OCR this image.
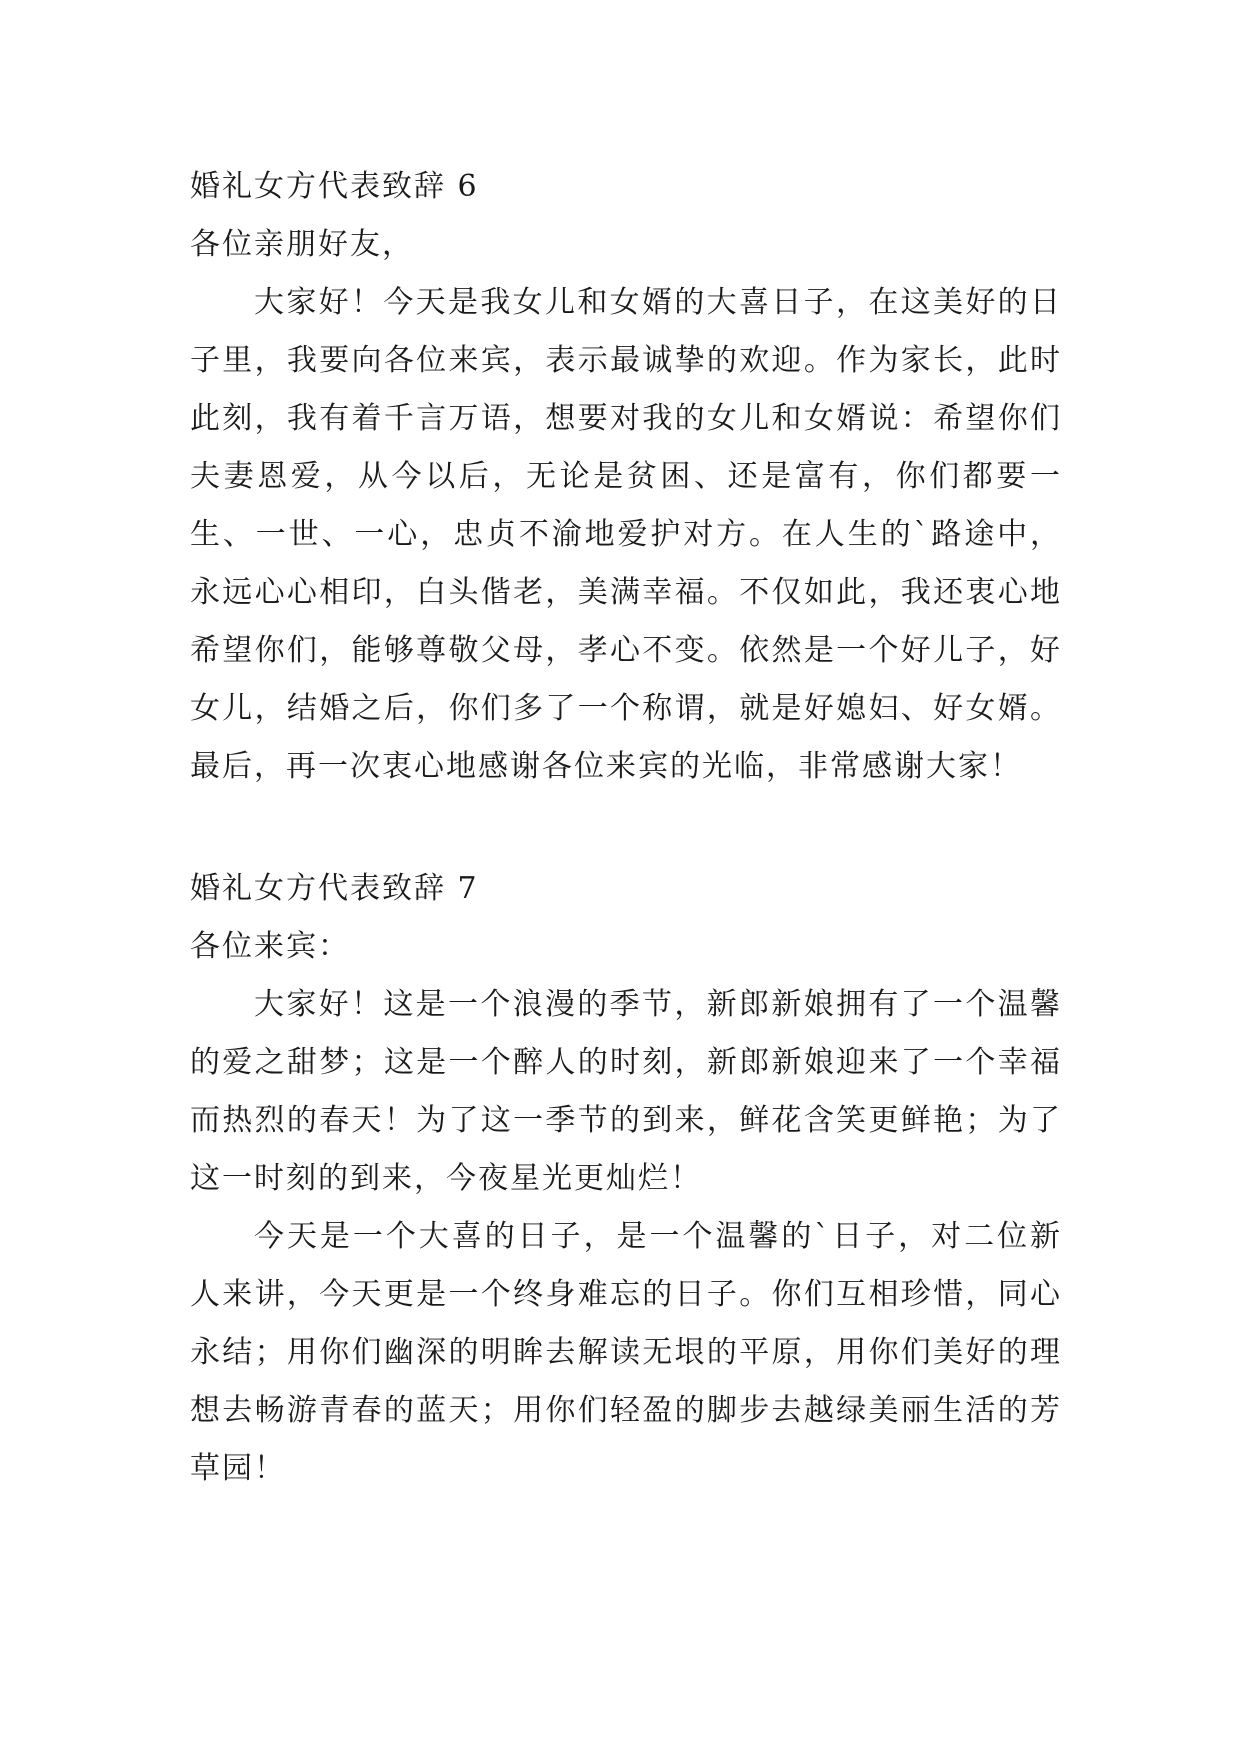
婚礼女方代表致辞 6

各位亲朋好友，

大家好！今天是我女儿和女婿的大喜日子，在这美好的日子里，我要向各位来宾，表示最诚挚的欢迎。作为家长，此时此刻，我有着千言万语，想要对我的女儿和女婿说：希望你们夫妻恩爱，从今以后，无论是贫困、还是富有，你们都要一生、一世、一心，忠贞不渝地爱护对方。在人生的`路途中，永远心心相印，白头偕老，美满幸福。不仅如此，我还衷心地希望你们，能够尊敬父母，孝心不变。依然是一个好儿子，好女儿，结婚之后，你们多了一个称谓，就是好媳妇、好女婿。最后，再一次衷心地感谢各位来宾的光临，非常感谢大家！

婚礼女方代表致辞 7

各位来宾：

大家好！这是一个浪漫的季节，新郎新娘拥有了一个温馨的爱之甜梦；这是一个醉人的时刻，新郎新娘迎来了一个幸福而热烈的春天！为了这一季节的到来，鲜花含笑更鲜艳；为了这一时刻的到来，今夜星光更灿烂！

今天是一个大喜的日子，是一个温馨的`日子，对二位新人来讲，今天更是一个终身难忘的日子。你们互相珍惜，同心永结；用你们幽深的明眸去解读无垠的平原，用你们美好的理想去畅游青春的蓝天；用你们轻盈的脚步去越绿美丽生活的芳草园！
